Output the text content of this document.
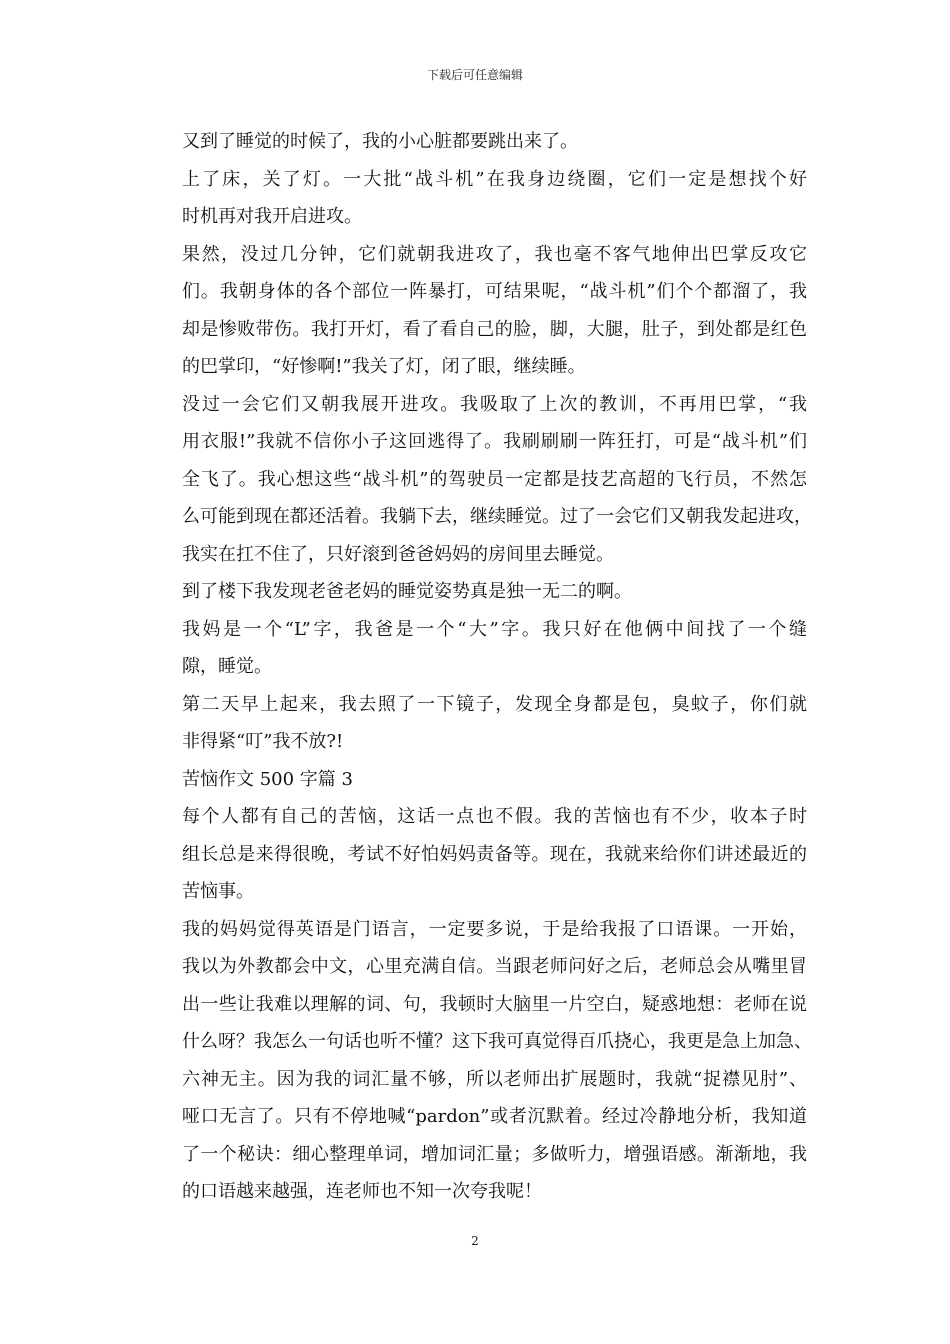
下载后可任意编辑

又到了睡觉的时候了，我的小心脏都要跳出来了。

上了床，关了灯。一大批“战斗机”在我身边绕圈，它们一定是想找个好
时机再对我开启进攻。

果然，没过几分钟，它们就朝我进攻了，我也毫不客气地伸出巴掌反攻它
们。我朝身体的各个部位一阵暴打，可结果呢，“战斗机”们个个都溜了，我
却是惨败带伤。我打开灯，看了看自己的脸，脚，大腿，肚子，到处都是红色
的巴掌印，“好惨啊!”我关了灯，闭了眼，继续睡。

没过一会它们又朝我展开进攻。我吸取了上次的教训，不再用巴掌，“我
用衣服!”我就不信你小子这回逃得了。我刷刷刷一阵狂打，可是“战斗机”们
全飞了。我心想这些“战斗机”的驾驶员一定都是技艺高超的飞行员，不然怎
么可能到现在都还活着。我躺下去，继续睡觉。过了一会它们又朝我发起进攻，
我实在扛不住了，只好滚到爸爸妈妈的房间里去睡觉。

到了楼下我发现老爸老妈的睡觉姿势真是独一无二的啊。

我妈是一个“L”字，我爸是一个“大”字。我只好在他俩中间找了一个缝
隙，睡觉。

第二天早上起来，我去照了一下镜子，发现全身都是包，臭蚊子，你们就
非得紧“叮”我不放?!

苦恼作文 500 字篇 3

每个人都有自己的苦恼，这话一点也不假。我的苦恼也有不少，收本子时
组长总是来得很晚，考试不好怕妈妈责备等。现在，我就来给你们讲述最近的
苦恼事。

我的妈妈觉得英语是门语言，一定要多说，于是给我报了口语课。一开始，
我以为外教都会中文，心里充满自信。当跟老师问好之后，老师总会从嘴里冒
出一些让我难以理解的词、句，我顿时大脑里一片空白，疑惑地想：老师在说
什么呀？我怎么一句话也听不懂？这下我可真觉得百爪挠心，我更是急上加急、
六神无主。因为我的词汇量不够，所以老师出扩展题时，我就“捉襟见肘”、
哑口无言了。只有不停地喊“pardon”或者沉默着。经过冷静地分析，我知道
了一个秘诀：细心整理单词，增加词汇量；多做听力，增强语感。渐渐地，我
的口语越来越强，连老师也不知一次夸我呢！

2
